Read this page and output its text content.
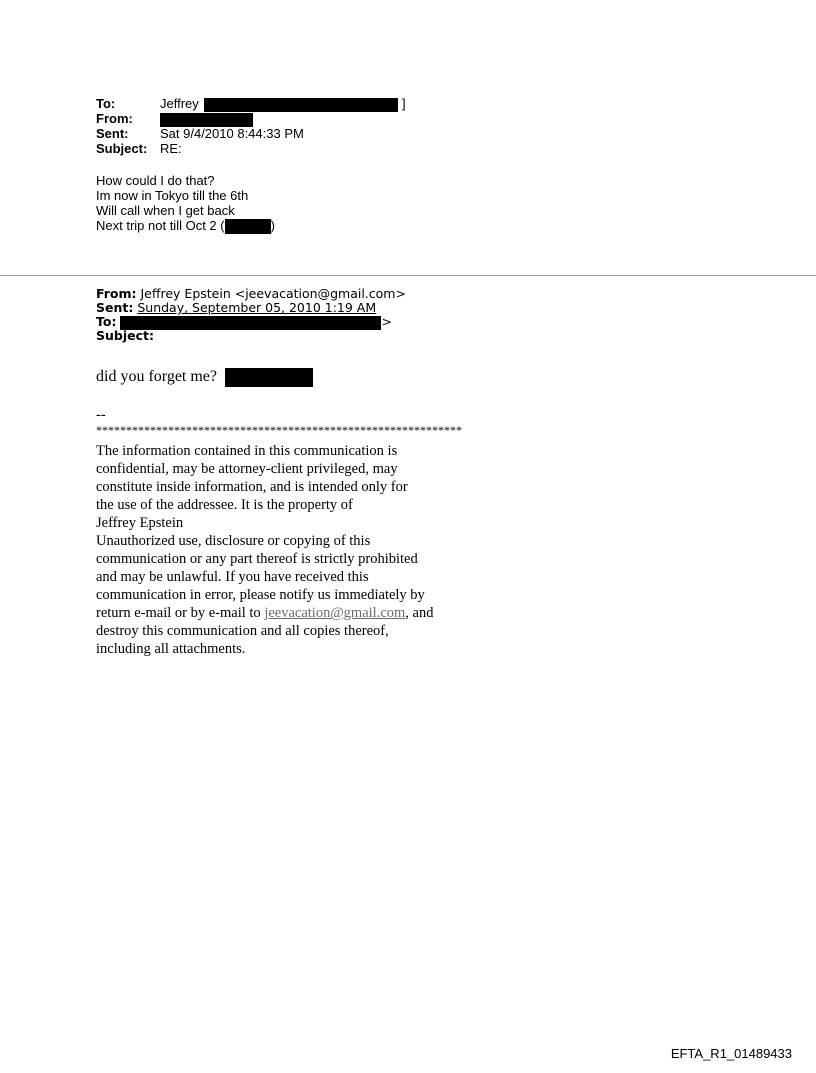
To:	Jeffrey	]
From:
Sent: Sat 9/4/2010 8:44:33 PM
Subject: RE:
How could I do that?
Im now in Tokyo till the 6th
Will call when I get back
Next trip not till Oct 2 (	)
From: Jeffrey Epstein <jeevacation@gmail.com>
Sent: Sunday, September 05, 2010 1:19 AM
To:	>
Subject:
did you forget me?
--
*************************************************************
The information contained in this communication is
confidential, may be attorney-client privileged, may
constitute inside information, and is intended only for
the use of the addressee. It is the property of
Jeffrey Epstein
Unauthorized use, disclosure or copying of this
communication or any part thereof is strictly prohibited
and may be unlawful. If you have received this
communication in error, please notify us immediately by
return e-mail or by e-mail to jeevacation@gmail.com, and
destroy this communication and all copies thereof,
including all attachments.
EFTA_R1_01489433
